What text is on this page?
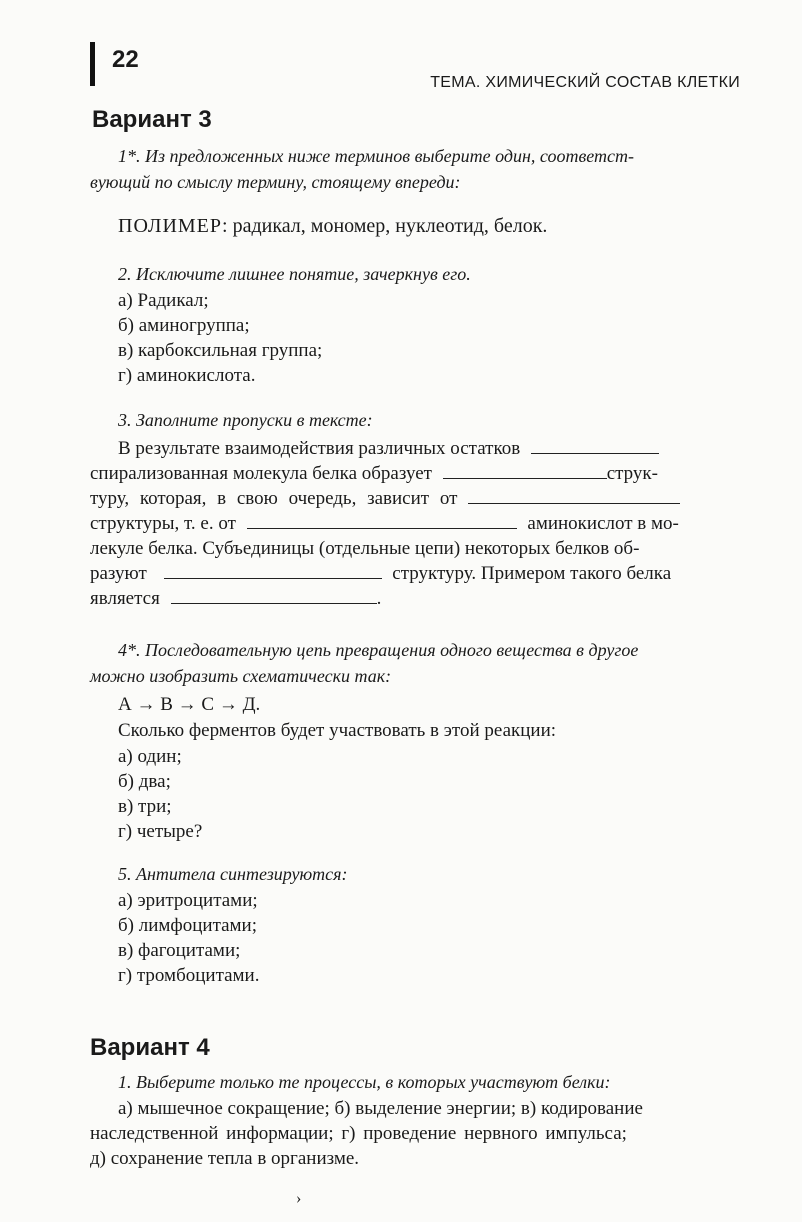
22
ТЕМА. ХИМИЧЕСКИЙ СОСТАВ КЛЕТКИ
Вариант 3
1*. Из предложенных ниже терминов выберите один, соответст-
вующий по смыслу термину, стоящему впереди:
ПОЛИМЕР: радикал, мономер, нуклеотид, белок.
2. Исключите лишнее понятие, зачеркнув его.
а) Радикал;
б) аминогруппа;
в) карбоксильная группа;
г) аминокислота.
3. Заполните пропуски в тексте:
В результате взаимодействия различных остатков
спирализованная молекула белка образует	струк-
туру, которая, в свою очередь, зависит от
структуры, т. е. от	аминокислот в мо-
лекуле белка. Субъединицы (отдельные цепи) некоторых белков об-
разуют	структуру. Примером такого белка
является	.
4*. Последовательную цепь превращения одного вещества в другое
можно изобразить схематически так:
А → В → С → Д.
Сколько ферментов будет участвовать в этой реакции:
а) один;
б) два;
в) три;
г) четыре?
5. Антитела синтезируются:
а) эритроцитами;
б) лимфоцитами;
в) фагоцитами;
г) тромбоцитами.
Вариант 4
1. Выберите только те процессы, в которых участвуют белки:
а) мышечное сокращение; б) выделение энергии; в) кодирование
наследственной информации; г) проведение нервного импульса;
д) сохранение тепла в организме.
›
